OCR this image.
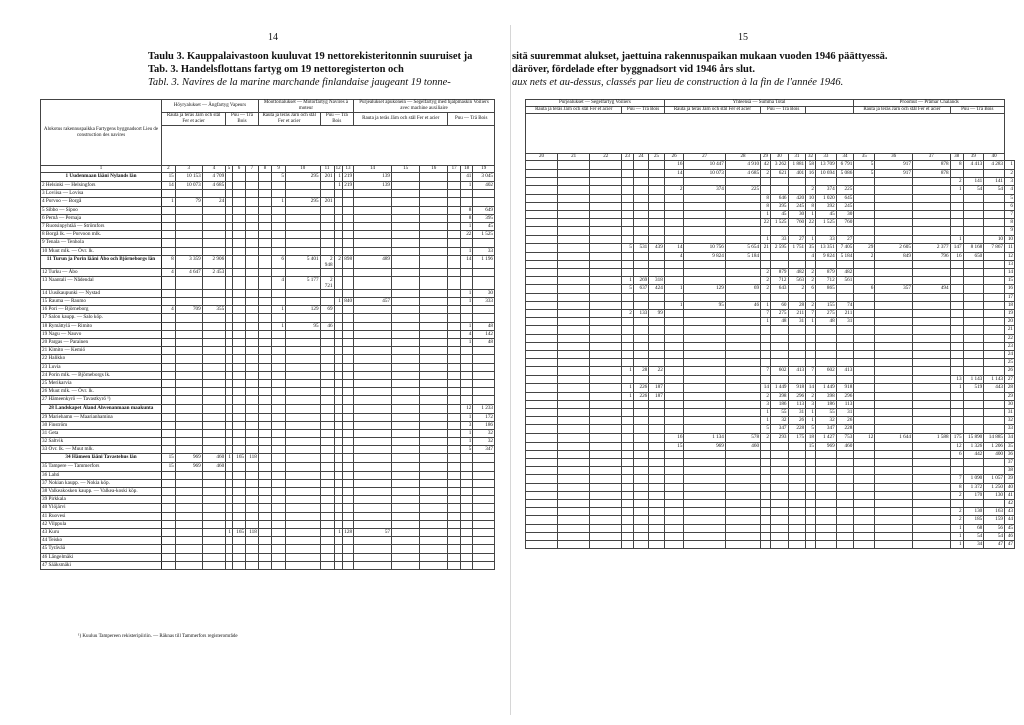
14
Taulu 3. Kauppalaivastoon kuuluvat 19 nettorekisteritonnin suuruiset ja
Tab. 3. Handelsflottans fartyg om 19 nettoregisterton och
Tabl. 3. Navires de la marine marchande finlandaise jaugeant 19 tonne-
15
sitä suuremmat alukset, jaettuina rakennuspaikan mukaan vuoden 1946 päättyessä.
däröver, fördelade efter byggnadsort vid 1946 års slut.
aux nets et au-dessus, classés par lieu de construction à la fin de l'année 1946.
Alokotus rakennuspaikka Fartygens byggnadsort Lieu de construction des navires	Höyryalukset — Ångfartyg Vapeurs						Moottorialukset — Motorfartyg Navires à moteur						Purjealukset apukonein — Segelfartyg med hjälpmaskin Voiliers avec machine auxiliaire					
	Rauta ja teräs Järn och stål Fer et acier			Puu — Trä Bois			Rauta ja teräs Järn och stål Fer et acier			Puu — Trä Bois			Rauta ja teräs Järn och stål Fer et acier			Puu — Trä Bois		

1	2	3	4	5	6	7	8	9	10	11	12	13	14	15	16	17	18	19
1 Uudenmaan lääni Nylands län	15	10 153	4 709					5	295	201	1	219	139				41	3 045
2 Helsinki — Helsingfors	14	10 073	4 685								1	219	139				1	402
3 Loviisa — Lovisa																		
4 Porvoo — Borgå	1	79	24					1	295	201								
5 Sibbo — Sipoo																	8	649
6 Pernå — Pernaja																	8	395
7 Ruotsinpyhtää — Strömfors																	1	45
8 Borgå lk. — Porvoon mlk.																	22	1 525
9 Tenala — Tenhola																		
10 Muut mlk. — Övr. lk.																	1	33
11 Turun ja Porin lääni Åbo och Björneborgs län	8	3 359	2 906					6	5 401	2 948	2	898	489				14	1 196
12 Turku — Åbo	4	4 647	2 453															
13 Naantali — Nådendal								4	5 177	2 721								
14 Uusikaupunki — Nystad																	1	30
15 Rauma — Raumo											1	840	457				1	333
16 Pori — Björneborg	4	709	355					1	129	69								
17 Salon kaupp. — Salo köp.																		
18 Rymättylä — Rimito								1	95	46							1	48
19 Nagu — Nauvo																	4	142
20 Pargas — Parainen																	1	48
21 Kimito — Kemiö																		
22 Halikko																		
23 Luvia																		
24 Porin mlk. — Björneborgs lk.																		
25 Merikarvia																		
26 Muut mlk. — Övr. lk.																		
27 Hämeenkyrö — Tavastkyrö ¹)																		
28 Landskapet Åland Ahvenanmaan maakunta																	12	1 233
29 Mariehamn — Maarianhamina																	1	172
30 Finström																	3	186
31 Geta																	1	32
32 Saltvik																	1	32
33 Övr. lk. — Muut mlk.																	5	347
34 Hämeen lääni Tavastehus län	15	969	460	1	165	118												
35 Tampere — Tammerfors	15	969	460															
36 Lahti																		
37 Nokian kaupp. — Nokia köp.																		
38 Valkeakosken kaupp. — Valkea-koski köp.																		
39 Pirkkala																		
40 Ylöjärvi																		
41 Ruovesi																		
42 Vilppula																		
43 Kuru				1	165	118					1	128	57					
44 Teisko																		
45 Tyrävää																		
46 Längelmäki																		
47 Sääksmäki																		
Purjealukset — Segelfartyg Voiliers						Yhteensä — Summa Total									Proomut — Pråmar Chalands						
Rauta ja teräs Järn och stål Fer et acier			Puu — Trä Bois			Rauta ja teräs Järn och stål Fer et acier			Puu — Trä Bois						Rauta ja teräs Järn och stål Fer et acier			Puu — Trä Bois			

20	21	22	23	24	25	26	27	28	29	30	31	32	33	34	35	36	37	38	39	40	
						16	10 447	4 910	42	3 262	1 881	58	13 709	6 791	5	917	878	8	4 413	4 283	1
						14	10 073	4 685	2	621	401	16	10 694	5 086	5	917	878				2
																		2	141	141	3
						2	374	225				2	374	225				1	54	54	4
									8	646	420	10	1 020	645							5
									8	395	245	8	392	245							6
									1	45	30	1	45	30							7
									22	1 525	760	22	1 525	760							8
																					9
									1	33	27	1	33	27				1		10	10
			5	531	439	14	10 756	5 654	21	2 595	1 751	35	13 351	7 405	29	2 605	2 377	147	8 168	7 867	11
						4	9 824	5 184				4	9 824	5 184	2	849	796	16	650		12
																					13
									2	879	482	2	879	482							14
			1	269	318				2	712	563	2	712	561							15
			5	637	424	1	129	69	2	643	2	6	865		6	357	494				16
																					17
						1	95	46	1	60	28	2	155	74							18
			2	133	99				7	275	211	7	275	211							19
									1	48	31	1	48	31							20
																					21
																					22
																					23
																					24
																					25
			1	28	22				7	602	413	7	602	413							26
																		13	1 143	1 143	27
			1	226	187				14	1 449	918	14	1 449	918				1	519	443	28
			1	226	187				2	398	296	2	398	296							29
									3	186	113	3	186	113							30
									1	55	31	1	55	31							31
									1	32	26	1	32	26							32
									5	347	228	5	347	228							33
						16	1 134	578	2	293	175	18	1 427	753	12	1 644	1 588	175	15 890	14 885	34
						15	969	460				15	969	460				12	1 326	1 206	35
																		6	442	400	36
																					37
																					38
																		7	1 090	1 057	39
																		8	1 372	1 250	40
																		2	170	130	41
																					42
																		2	130	163	43
																		2	185	159	44
																		1	68	56	45
																		1	54	54	46
																		1	34	47	47
¹) Kuuluu Tampereen rekisteripiiriin. — Räknas till Tammerfors registerområde
